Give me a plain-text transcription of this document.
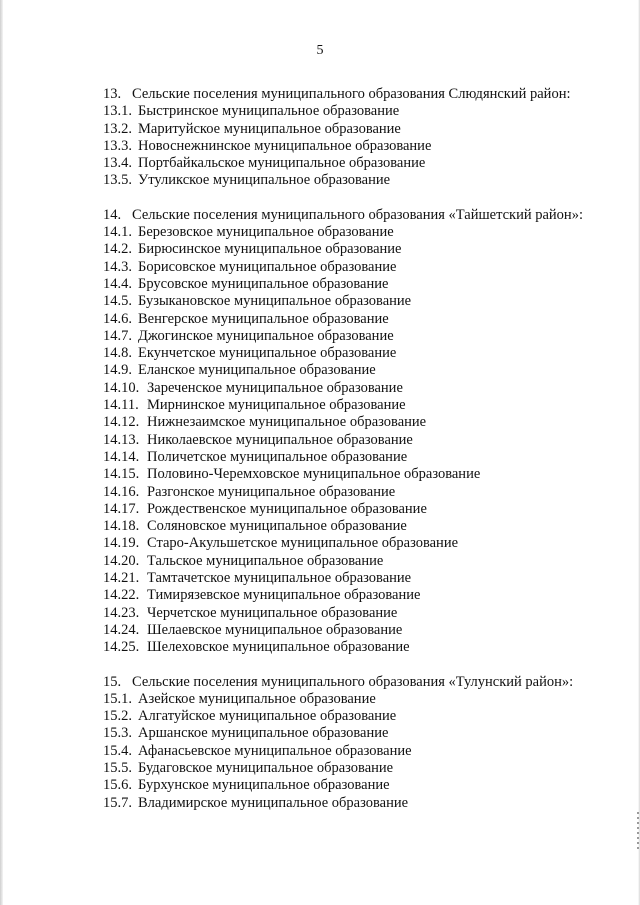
5
13. Сельские поселения муниципального образования Слюдянский район:
13.1. Быстринское муниципальное образование
13.2. Маритуйское муниципальное образование
13.3. Новоснежнинское муниципальное образование
13.4. Портбайкальское муниципальное образование
13.5. Утуликское муниципальное образование
14. Сельские поселения муниципального образования «Тайшетский район»:
14.1. Березовское муниципальное образование
14.2. Бирюсинское муниципальное образование
14.3. Борисовское муниципальное образование
14.4. Брусовское муниципальное образование
14.5. Бузыкановское муниципальное образование
14.6. Венгерское муниципальное образование
14.7. Джогинское муниципальное образование
14.8. Екунчетское муниципальное образование
14.9. Еланское муниципальное образование
14.10. Зареченское муниципальное образование
14.11. Мирнинское муниципальное образование
14.12. Нижнезаимское муниципальное образование
14.13. Николаевское муниципальное образование
14.14. Поличетское муниципальное образование
14.15. Половино-Черемховское муниципальное образование
14.16. Разгонское муниципальное образование
14.17. Рождественское муниципальное образование
14.18. Соляновское муниципальное образование
14.19. Старо-Акульшетское муниципальное образование
14.20. Тальское муниципальное образование
14.21. Тамтачетское муниципальное образование
14.22. Тимирязевское муниципальное образование
14.23. Черчетское муниципальное образование
14.24. Шелаевское муниципальное образование
14.25. Шелеховское муниципальное образование
15. Сельские поселения муниципального образования «Тулунский район»:
15.1. Азейское муниципальное образование
15.2. Алгатуйское муниципальное образование
15.3. Аршанское муниципальное образование
15.4. Афанасьевское муниципальное образование
15.5. Будаговское муниципальное образование
15.6. Бурхунское муниципальное образование
15.7. Владимирское муниципальное образование
